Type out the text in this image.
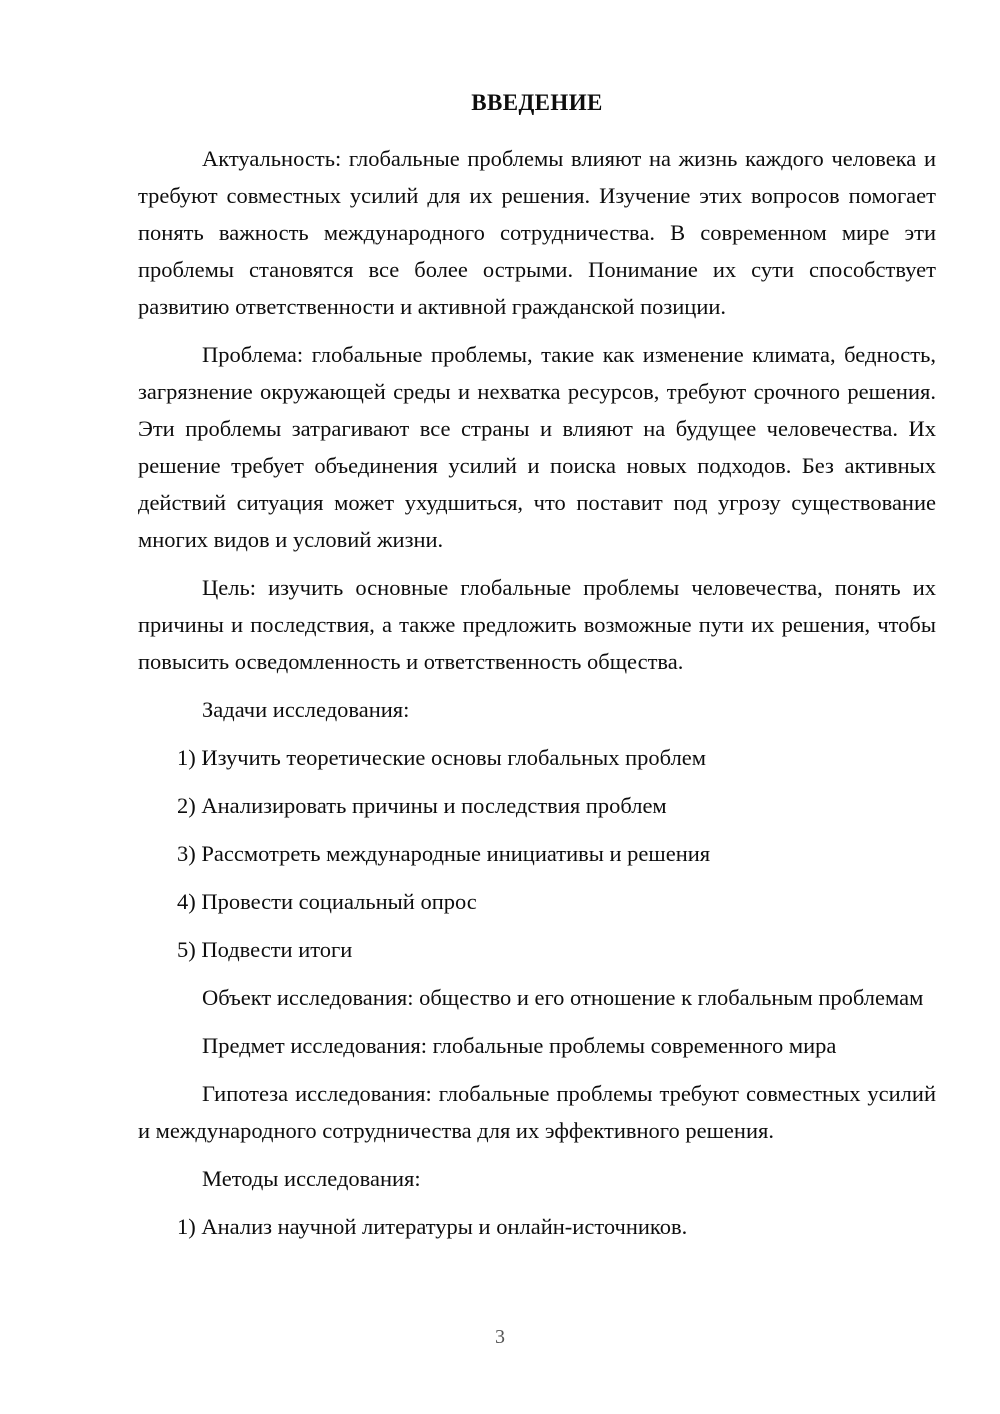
ВВЕДЕНИЕ

Актуальность: глобальные проблемы влияют на жизнь каждого человека и требуют совместных усилий для их решения. Изучение этих вопросов помогает понять важность международного сотрудничества. В современном мире эти проблемы становятся все более острыми. Понимание их сути способствует развитию ответственности и активной гражданской позиции.

Проблема: глобальные проблемы, такие как изменение климата, бедность, загрязнение окружающей среды и нехватка ресурсов, требуют срочного решения. Эти проблемы затрагивают все страны и влияют на будущее человечества. Их решение требует объединения усилий и поиска новых подходов. Без активных действий ситуация может ухудшиться, что поставит под угрозу существование многих видов и условий жизни.

Цель: изучить основные глобальные проблемы человечества, понять их причины и последствия, а также предложить возможные пути их решения, чтобы повысить осведомленность и ответственность общества.

Задачи исследования:

1) Изучить теоретические основы глобальных проблем

2) Анализировать причины и последствия проблем

3) Рассмотреть международные инициативы и решения

4) Провести социальный опрос

5) Подвести итоги

Объект исследования: общество и его отношение к глобальным проблемам

Предмет исследования: глобальные проблемы современного мира

Гипотеза исследования: глобальные проблемы требуют совместных усилий и международного сотрудничества для их эффективного решения.

Методы исследования:

1) Анализ научной литературы и онлайн-источников.

3
